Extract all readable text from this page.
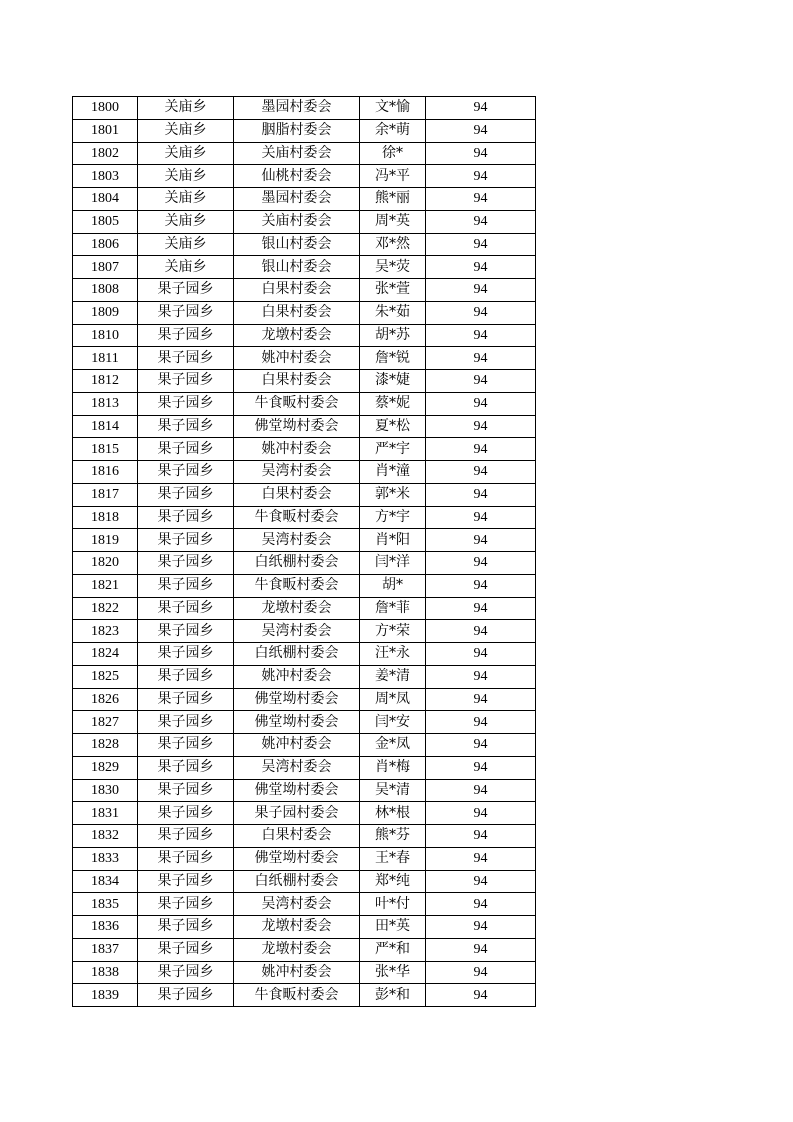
1800	关庙乡	墨园村委会	文*愉	94
1801	关庙乡	胭脂村委会	余*萌	94
1802	关庙乡	关庙村委会	徐*	94
1803	关庙乡	仙桃村委会	冯*平	94
1804	关庙乡	墨园村委会	熊*丽	94
1805	关庙乡	关庙村委会	周*英	94
1806	关庙乡	银山村委会	邓*然	94
1807	关庙乡	银山村委会	吴*荧	94
1808	果子园乡	白果村委会	张*萱	94
1809	果子园乡	白果村委会	朱*茹	94
1810	果子园乡	龙墩村委会	胡*苏	94
1811	果子园乡	姚冲村委会	詹*锐	94
1812	果子园乡	白果村委会	漆*婕	94
1813	果子园乡	牛食畈村委会	蔡*妮	94
1814	果子园乡	佛堂坳村委会	夏*松	94
1815	果子园乡	姚冲村委会	严*宇	94
1816	果子园乡	吴湾村委会	肖*潼	94
1817	果子园乡	白果村委会	郭*米	94
1818	果子园乡	牛食畈村委会	方*宇	94
1819	果子园乡	吴湾村委会	肖*阳	94
1820	果子园乡	白纸棚村委会	闫*洋	94
1821	果子园乡	牛食畈村委会	胡*	94
1822	果子园乡	龙墩村委会	詹*菲	94
1823	果子园乡	吴湾村委会	方*荣	94
1824	果子园乡	白纸棚村委会	汪*永	94
1825	果子园乡	姚冲村委会	姜*清	94
1826	果子园乡	佛堂坳村委会	周*凤	94
1827	果子园乡	佛堂坳村委会	闫*安	94
1828	果子园乡	姚冲村委会	金*凤	94
1829	果子园乡	吴湾村委会	肖*梅	94
1830	果子园乡	佛堂坳村委会	吴*清	94
1831	果子园乡	果子园村委会	林*根	94
1832	果子园乡	白果村委会	熊*芬	94
1833	果子园乡	佛堂坳村委会	王*春	94
1834	果子园乡	白纸棚村委会	郑*纯	94
1835	果子园乡	吴湾村委会	叶*付	94
1836	果子园乡	龙墩村委会	田*英	94
1837	果子园乡	龙墩村委会	严*和	94
1838	果子园乡	姚冲村委会	张*华	94
1839	果子园乡	牛食畈村委会	彭*和	94
